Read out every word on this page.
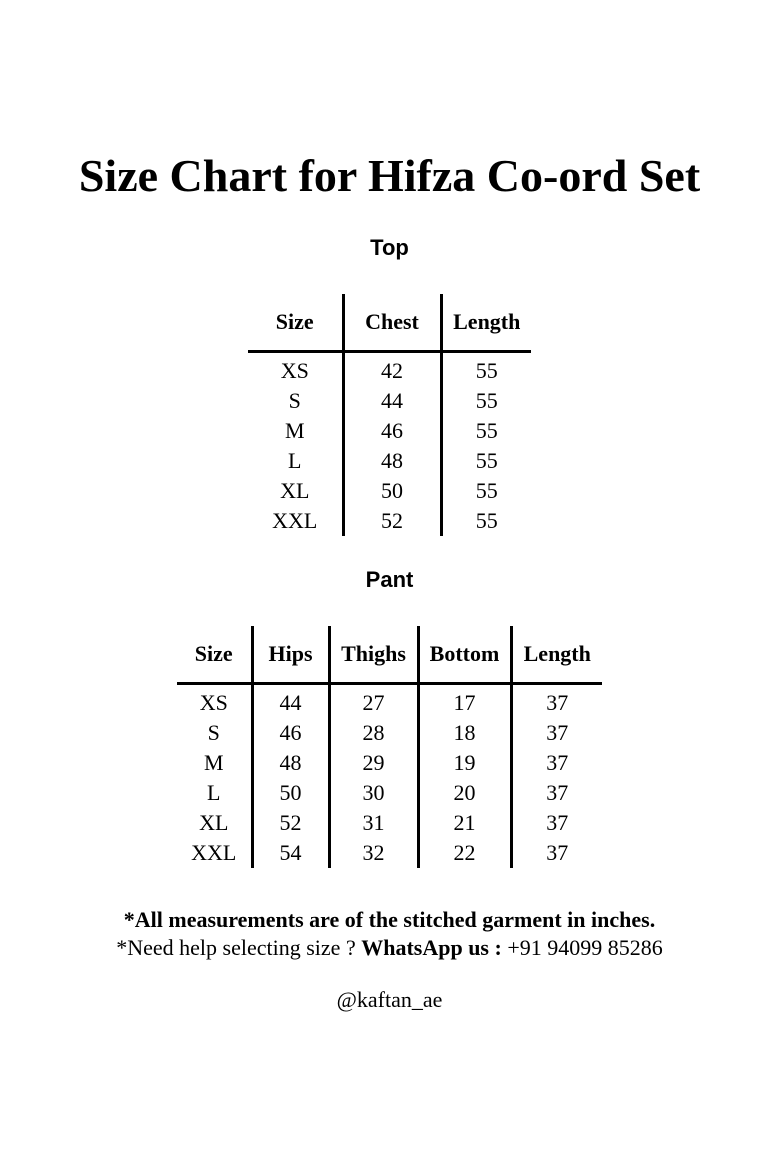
Size Chart for Hifza Co-ord Set
Top
Size	Chest	Length
XS	42	55
S	44	55
M	46	55
L	48	55
XL	50	55
XXL	52	55
Pant
Size	Hips	Thighs	Bottom	Length
XS	44	27	17	37
S	46	28	18	37
M	48	29	19	37
L	50	30	20	37
XL	52	31	21	37
XXL	54	32	22	37
*All measurements are of the stitched garment in inches.
*Need help selecting size ? WhatsApp us : +91 94099 85286
@kaftan_ae
